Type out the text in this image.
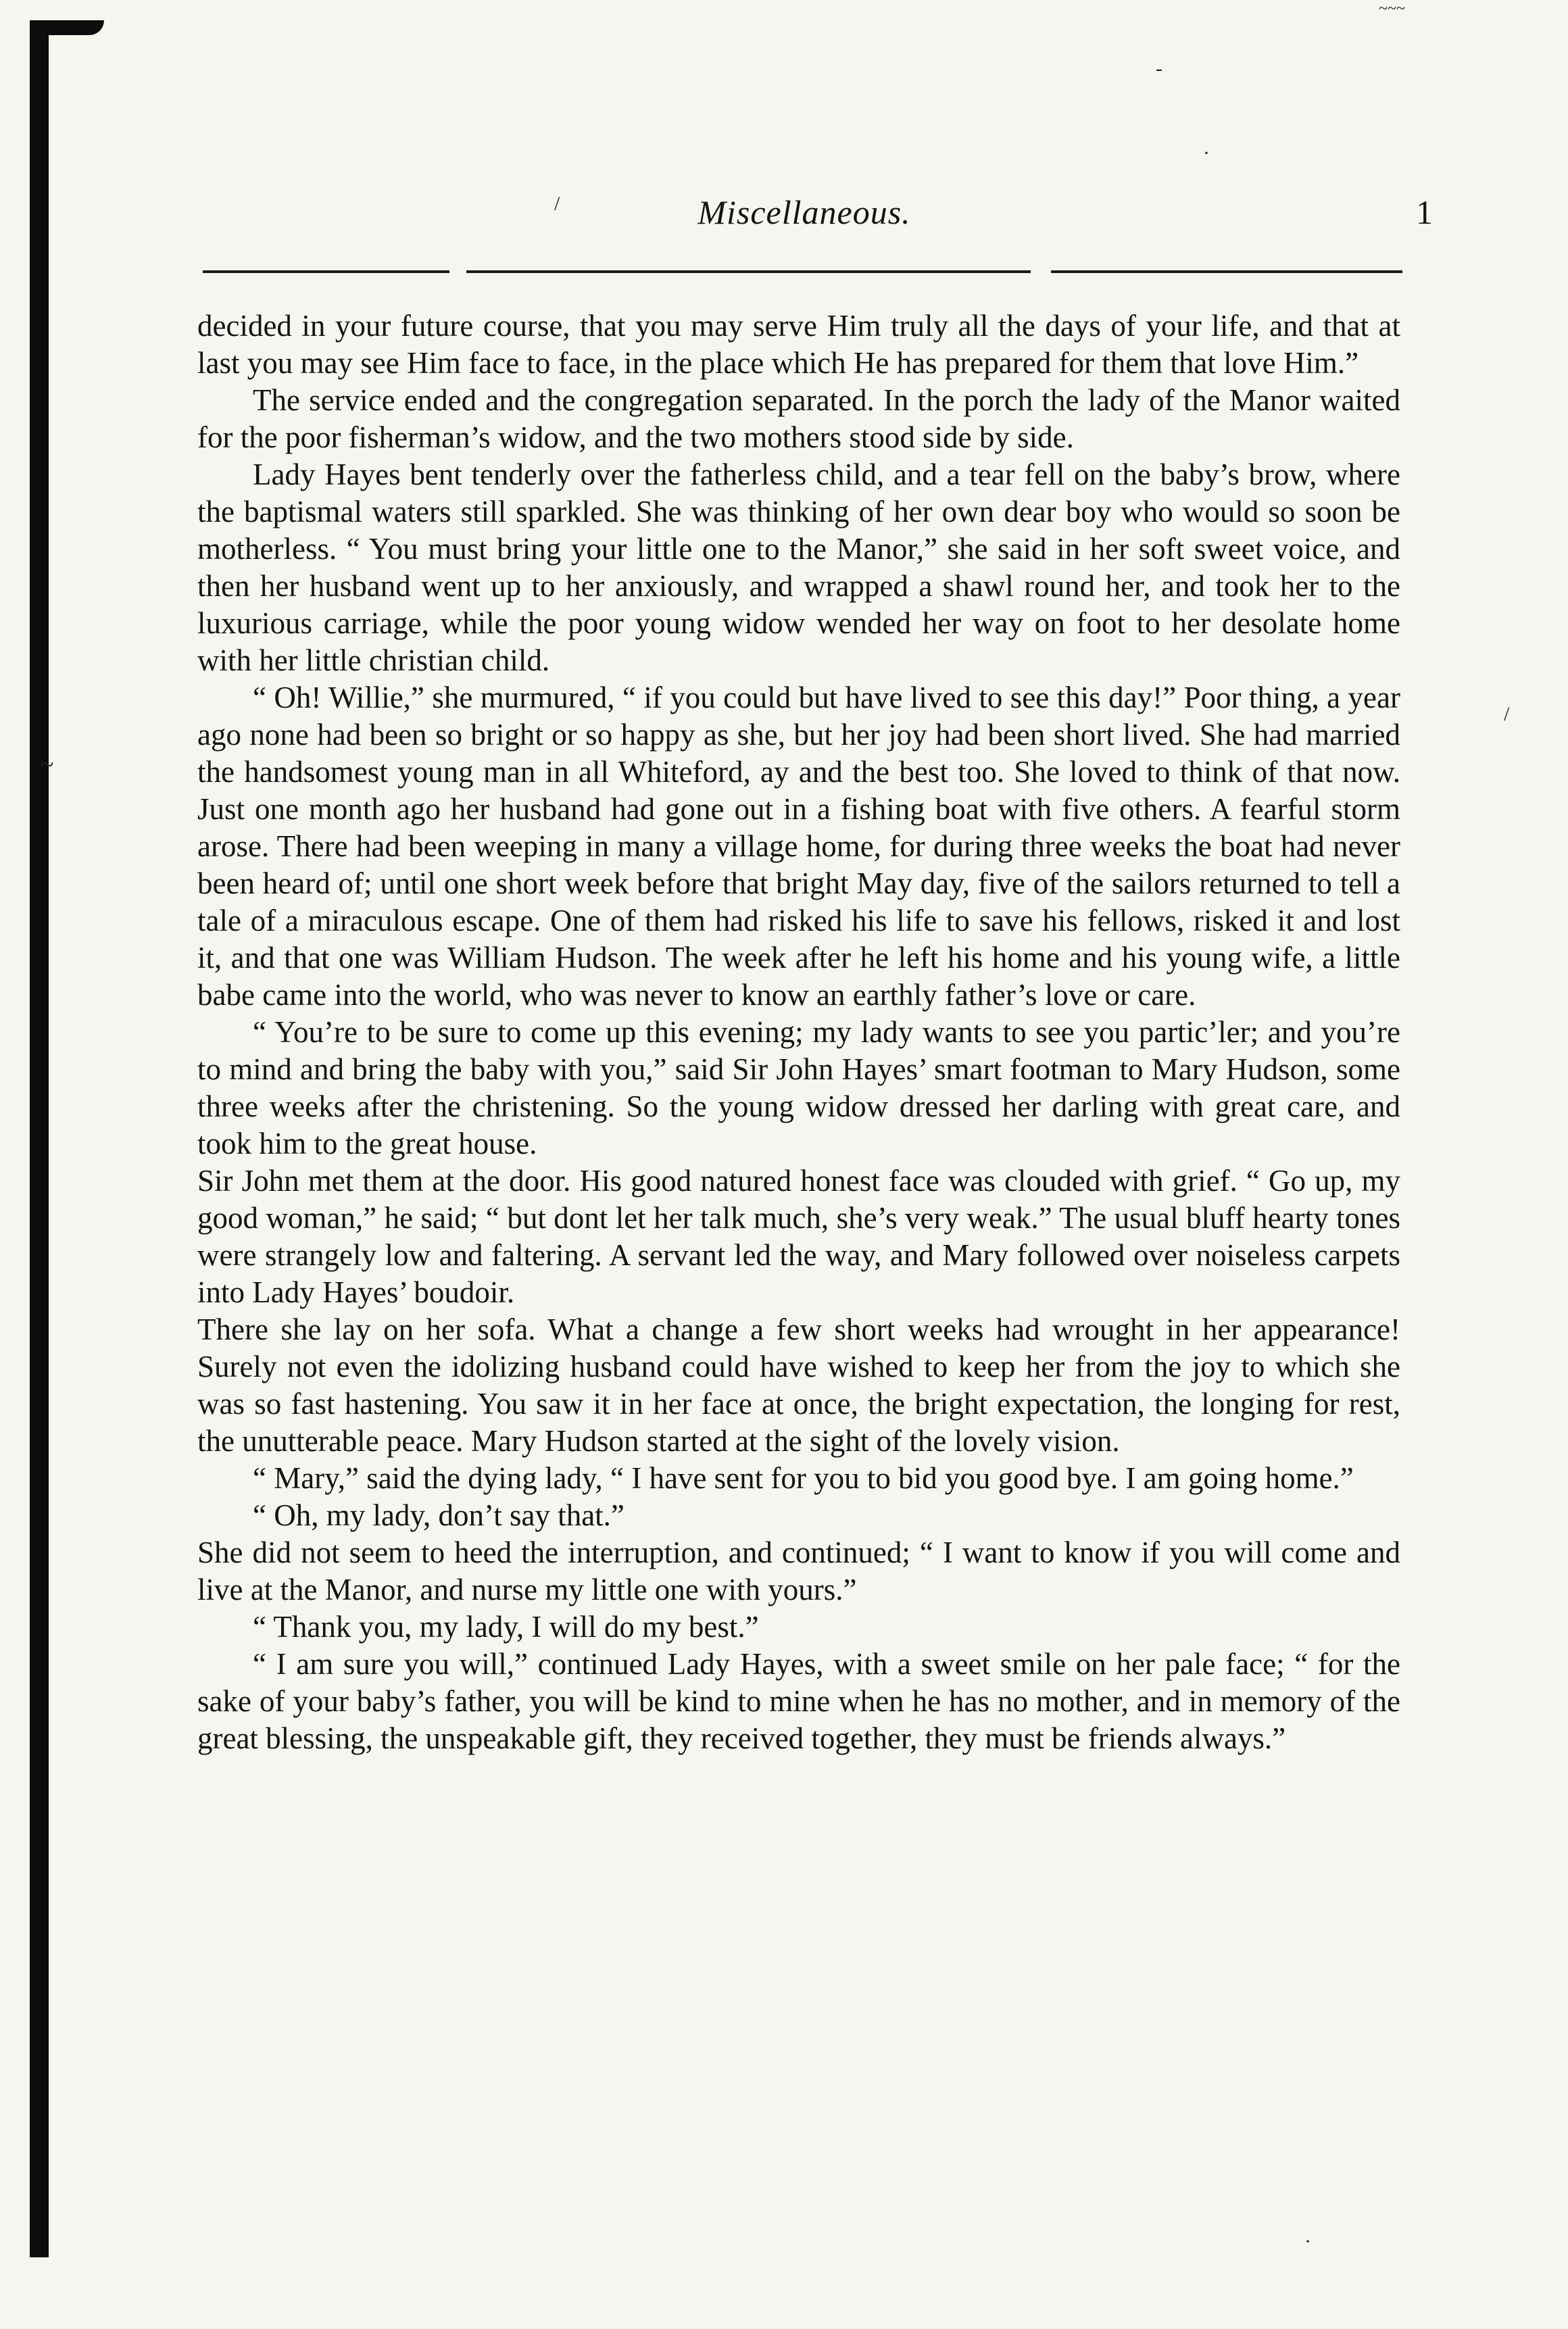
Miscellaneous.	1

decided in your future course, that you may serve Him truly all the days of your life, and that at last you may see Him face to face, in the place which He has prepared for them that love Him.”

The service ended and the congregation separated. In the porch the lady of the Manor waited for the poor fisherman’s widow, and the two mothers stood side by side.

Lady Hayes bent tenderly over the fatherless child, and a tear fell on the baby’s brow, where the baptismal waters still sparkled. She was thinking of her own dear boy who would so soon be motherless. “ You must bring your little one to the Manor,” she said in her soft sweet voice, and then her husband went up to her anxiously, and wrapped a shawl round her, and took her to the luxurious carriage, while the poor young widow wended her way on foot to her desolate home with her little christian child.

“ Oh! Willie,” she murmured, “ if you could but have lived to see this day!” Poor thing, a year ago none had been so bright or so happy as she, but her joy had been short lived. She had married the handsomest young man in all Whiteford, ay and the best too. She loved to think of that now. Just one month ago her husband had gone out in a fishing boat with five others. A fearful storm arose. There had been weeping in many a village home, for during three weeks the boat had never been heard of; until one short week before that bright May day, five of the sailors returned to tell a tale of a miraculous escape. One of them had risked his life to save his fellows, risked it and lost it, and that one was William Hudson. The week after he left his home and his young wife, a little babe came into the world, who was never to know an earthly father’s love or care.

“ You’re to be sure to come up this evening; my lady wants to see you partic’ler; and you’re to mind and bring the baby with you,” said Sir John Hayes’ smart footman to Mary Hudson, some three weeks after the christening. So the young widow dressed her darling with great care, and took him to the great house.

Sir John met them at the door. His good natured honest face was clouded with grief. “ Go up, my good woman,” he said; “ but dont let her talk much, she’s very weak.” The usual bluff hearty tones were strangely low and faltering. A servant led the way, and Mary followed over noiseless carpets into Lady Hayes’ boudoir.

There she lay on her sofa. What a change a few short weeks had wrought in her appearance! Surely not even the idolizing husband could have wished to keep her from the joy to which she was so fast hastening. You saw it in her face at once, the bright expectation, the longing for rest, the unutterable peace. Mary Hudson started at the sight of the lovely vision.

“ Mary,” said the dying lady, “ I have sent for you to bid you good bye. I am going home.”

“ Oh, my lady, don’t say that.”

She did not seem to heed the interruption, and continued; “ I want to know if you will come and live at the Manor, and nurse my little one with yours.”

“ Thank you, my lady, I will do my best.”

“ I am sure you will,” continued Lady Hayes, with a sweet smile on her pale face; “ for the sake of your baby’s father, you will be kind to mine when he has no mother, and in memory of the great blessing, the unspeakable gift, they received together, they must be friends always.”

/
-
~~~
·
/
~
·
